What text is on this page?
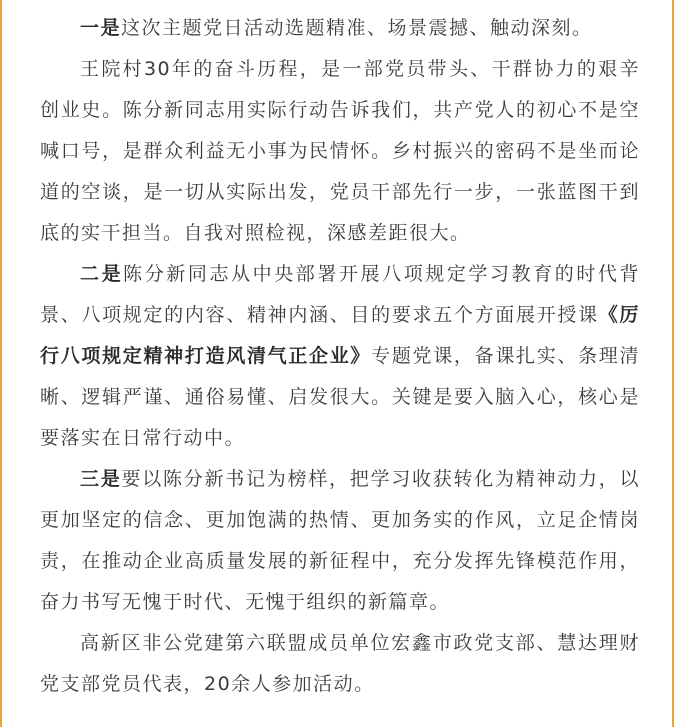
一是这次主题党日活动选题精准、场景震撼、触动深刻。

王院村30年的奋斗历程，是一部党员带头、干群协力的艰辛创业史。陈分新同志用实际行动告诉我们，共产党人的初心不是空喊口号，是群众利益无小事为民情怀。乡村振兴的密码不是坐而论道的空谈，是一切从实际出发，党员干部先行一步，一张蓝图干到底的实干担当。自我对照检视，深感差距很大。

二是陈分新同志从中央部署开展八项规定学习教育的时代背景、八项规定的内容、精神内涵、目的要求五个方面展开授课《厉行八项规定精神打造风清气正企业》专题党课，备课扎实、条理清晰、逻辑严谨、通俗易懂、启发很大。关键是要入脑入心，核心是要落实在日常行动中。

三是要以陈分新书记为榜样，把学习收获转化为精神动力，以更加坚定的信念、更加饱满的热情、更加务实的作风，立足企情岗责，在推动企业高质量发展的新征程中，充分发挥先锋模范作用，奋力书写无愧于时代、无愧于组织的新篇章。

高新区非公党建第六联盟成员单位宏鑫市政党支部、慧达理财党支部党员代表，20余人参加活动。
